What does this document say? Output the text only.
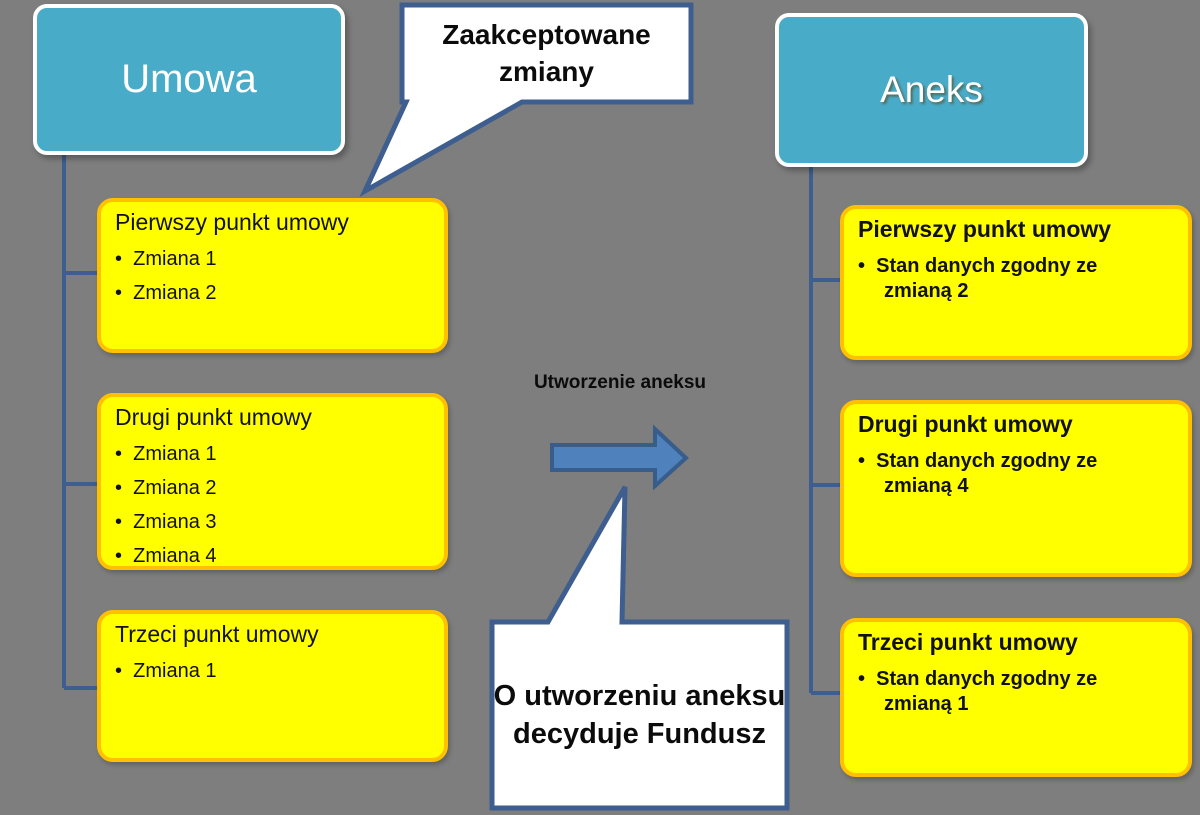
Umowa	Aneks
Pierwszy punkt umowy
•  Zmiana 1
•  Zmiana 2
Drugi punkt umowy
•  Zmiana 1
•  Zmiana 2
•  Zmiana 3
•  Zmiana 4
Trzeci punkt umowy
•  Zmiana 1
Pierwszy punkt umowy
•  Stan danych zgodny ze zmianą 2
Drugi punkt umowy
•  Stan danych zgodny ze zmianą 4
Trzeci punkt umowy
•  Stan danych zgodny ze zmianą 1
Zaakceptowane zmiany
O utworzeniu aneksu decyduje Fundusz
Utworzenie aneksu
